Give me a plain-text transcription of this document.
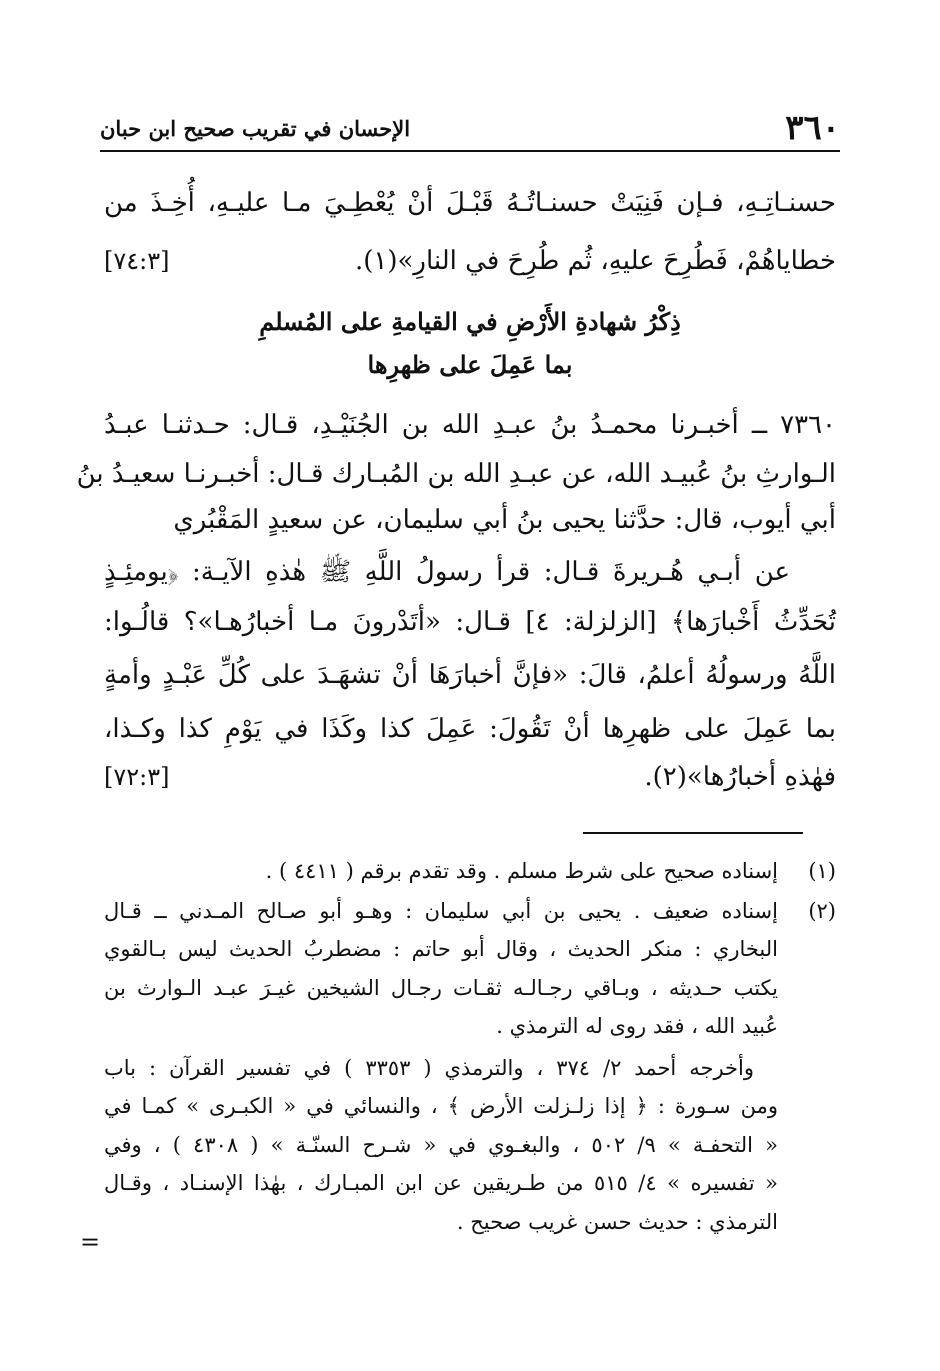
٣٦٠
الإحسان في تقريب صحيح ابن حبان
حسنـاتِـهِ، فـإن فَنِيَتْ حسنـاتُـهُ قَبْـلَ أنْ يُعْطِـيَ مـا عليـهِ، أُخِـذَ من
خطاياهُمْ، فَطُرِحَ عليهِ، ثُم طُرِحَ في النارِ»(١).
[٧٤:٣]
ذِكْرُ شهادةِ الأَرْضِ في القيامةِ على المُسلمِ
بما عَمِلَ على ظهرِها
٧٣٦٠ ــ أخبـرنا محمـدُ بنُ عبـدِ الله بن الجُنَيْـدِ، قـال: حـدثنـا عبـدُ
الـوارثِ بنُ عُبيـد الله، عن عبـدِ الله بن المُبـارك قـال: أخبـرنـا سعيـدُ بنُ
أبي أيوب، قال: حدَّثنا يحيى بنُ أبي سليمان، عن سعيدٍ المَقْبُري
عن أبـي هُـريرةَ قـال: قرأ رسولُ اللَّهِ ﷺ هٰذهِ الآيـة: ﴿يومئِـذٍ
تُحَدِّثُ أَخْبارَها﴾ [الزلزلة: ٤] قـال: «أتَدْرونَ مـا أخبارُهـا»؟ قالُـوا:
اللَّهُ ورسولُهُ أعلمُ، قالَ: «فإنَّ أخبارَهَا أنْ تشهَـدَ على كُلِّ عَبْـدٍ وأمةٍ
بما عَمِلَ على ظهرِها أنْ تَقُولَ: عَمِلَ كذا وكَذَا في يَوْمِ كذا وكـذا،
فهٰذهِ أخبارُها»(٢).
[٧٢:٣]
(١)
إسناده صحيح على شرط مسلم . وقد تقدم برقم ( ٤٤١١ ) .
(٢)
إسناده ضعيف . يحيى بن أبي سليمان : وهـو أبو صـالح المـدني ــ قـال
البخاري : منكر الحديث ، وقال أبو حاتم : مضطربُ الحديث ليس بـالقوي
يكتب حـديثه ، وبـاقي رجـالـه ثقـات رجـال الشيخين غيـرَ عبـد الـوارث بن
عُبيد الله ، فقد روى له الترمذي .
وأخرجه أحمد ٢/ ٣٧٤ ، والترمذي ( ٣٣٥٣ ) في تفسير القرآن : باب
ومن سـورة : ﴿ إذا زلـزلت الأرض ﴾ ، والنسائي في « الكبـرى » كمـا في
« التحفـة » ٩/ ٥٠٢ ، والبغـوي في « شـرح السنّـة » ( ٤٣٠٨ ) ، وفي
« تفسيره » ٤/ ٥١٥ من طـريقين عن ابن المبـارك ، بهٰذا الإسنـاد ، وقـال
الترمذي : حديث حسن غريب صحيح .
=
